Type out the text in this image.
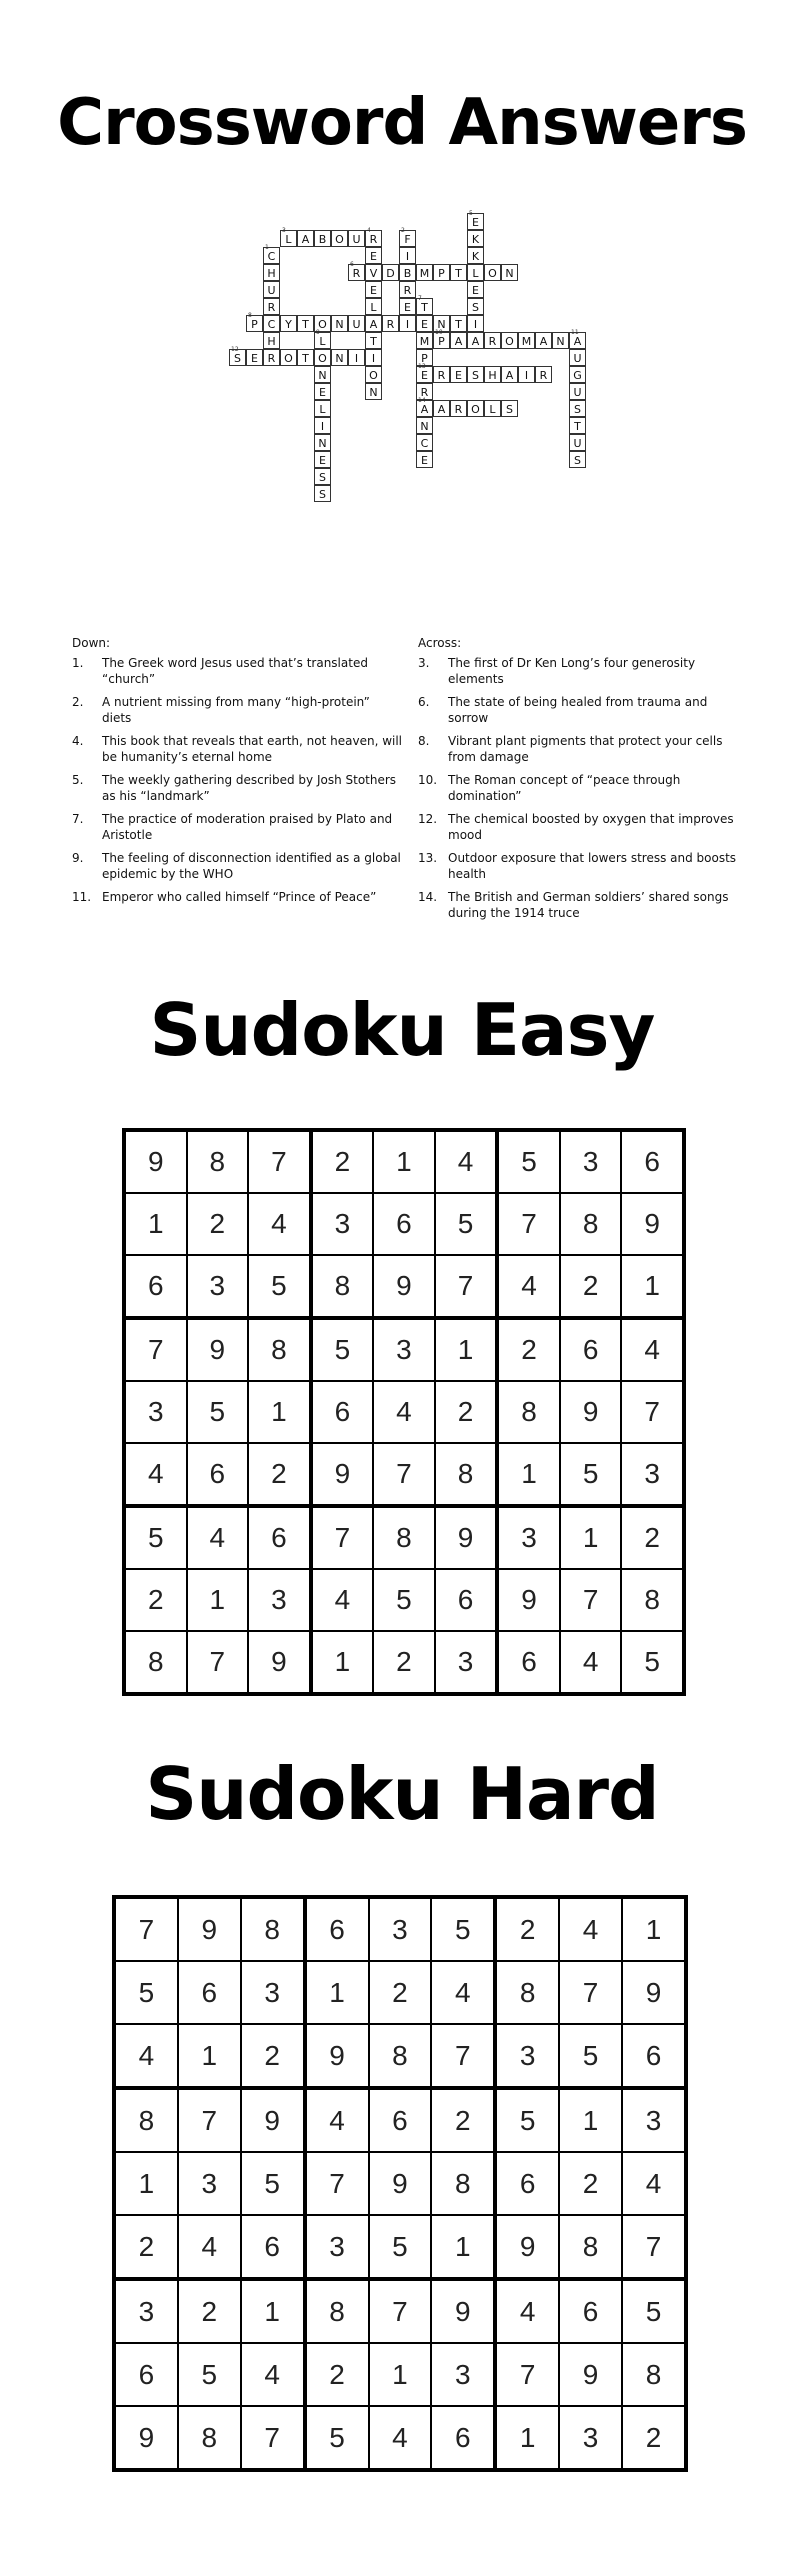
Crossword Answers
1
C
H
U
R
C
H
2
F
I
B
R
E
3
L A B O U
4
R
E
V
E
L
A
T
I
O
N
5
E
K
K
L
E
S
I
A
6
R	D	M P T	O N
7
T
E
M
P
13
E
R
14
A
N
C
E
8
P	Y T O N U	R	I	N T
9
L
O
N
E
L
I
N
E
S
S
10
P A	R O M A N
11
A
U
G
U
S
T
U
S
12
S E R O T	N	I
R E S H A	I	R
A R O L S
Down:
1.	The Greek word Jesus used that’s translated “church”
2.	A nutrient missing from many “high-protein” diets
4.	This book that reveals that earth, not heaven, will be humanity’s eternal home
5.	The weekly gathering described by Josh Stothers as his “landmark”
7.	The practice of moderation praised by Plato and Aristotle
9.	The feeling of disconnection identified as a global epidemic by the WHO
11. Emperor who called himself “Prince of Peace”
Across:
3.	The first of Dr Ken Long’s four generosity elements
6.	The state of being healed from trauma and sorrow
8.	Vibrant plant pigments that protect your cells from damage
10. The Roman concept of “peace through domination”
12. The chemical boosted by oxygen that improves mood
13. Outdoor exposure that lowers stress and boosts health
14. The British and German soldiers’ shared songs during the 1914 truce
Sudoku Easy
9	8	7	2	1	4	5	3	6
1	2	4	3	6	5	7	8	9
6	3	5	8	9	7	4	2	1
7	9	8	5	3	1	2	6	4
3	5	1	6	4	2	8	9	7
4	6	2	9	7	8	1	5	3
5	4	6	7	8	9	3	1	2
2	1	3	4	5	6	9	7	8
8	7	9	1	2	3	6	4	5
Sudoku Hard
7	9	8	6	3	5	2	4	1
5	6	3	1	2	4	8	7	9
4	1	2	9	8	7	3	5	6
8	7	9	4	6	2	5	1	3
1	3	5	7	9	8	6	2	4
2	4	6	3	5	1	9	8	7
3	2	1	8	7	9	4	6	5
6	5	4	2	1	3	7	9	8
9	8	7	5	4	6	1	3	2
